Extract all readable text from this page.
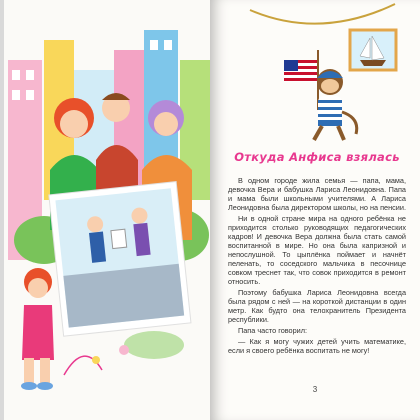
Откуда Анфиса взялась

В одном городе жила семья — папа, мама, девочка Вера и бабушка Лариса Леонидовна. Папа и мама были школьными учителями. А Лариса Леонидовна была директором школы, но на пенсии.

Ни в одной стране мира на одного ребёнка не приходится столько руководящих педагогических кадров! И девочка Вера должна была стать самой воспитанной в мире. Но она была капризной и непослушной. То цыплёнка поймает и начнёт пеленать, то соседского мальчика в песочнице совком треснет так, что совок приходится в ремонт относить.

Поэтому бабушка Лариса Леонидовна всегда была рядом с ней — на короткой дистанции в один метр. Как будто она телохранитель Президента республики.

Папа часто говорил:

— Как я могу чужих детей учить математике, если я своего ребёнка воспитать не могу!

3
